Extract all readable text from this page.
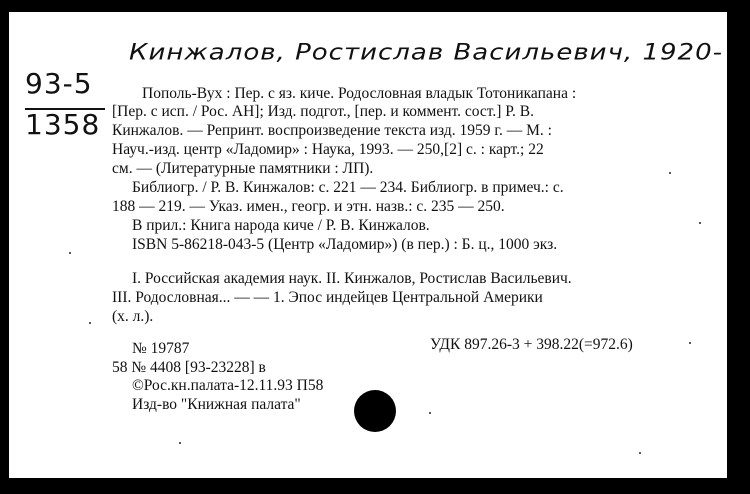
Кинжалов, Ростислав Васильевич, 1920-
93-5
1358
Пополь-Вух : Пер. с яз. киче. Родословная владык Тотоникапана :
[Пер. с исп. / Рос. АН]; Изд. подгот., [пер. и коммент. сост.] Р. В.
Кинжалов. — Репринт. воспроизведение текста изд. 1959 г. — М. :
Науч.-изд. центр «Ладомир» : Наука, 1993. — 250,[2] с. : карт.; 22
см. — (Литературные памятники : ЛП).
Библиогр. / Р. В. Кинжалов: с. 221 — 234. Библиогр. в примеч.: с.
188 — 219. — Указ. имен., геогр. и этн. назв.: с. 235 — 250.
В прил.: Книга народа киче / Р. В. Кинжалов.
ISBN 5-86218-043-5 (Центр «Ладомир») (в пер.) : Б. ц., 1000 экз.
I. Российская академия наук. II. Кинжалов, Ростислав Васильевич.
III. Родословная... — — 1. Эпос индейцев Центральной Америки
(х. л.).
№ 19787	УДК 897.26-3 + 398.22(=972.6)
58 № 4408 [93-23228] в
©Рос.кн.палата-12.11.93 П58
Изд-во "Книжная палата"
